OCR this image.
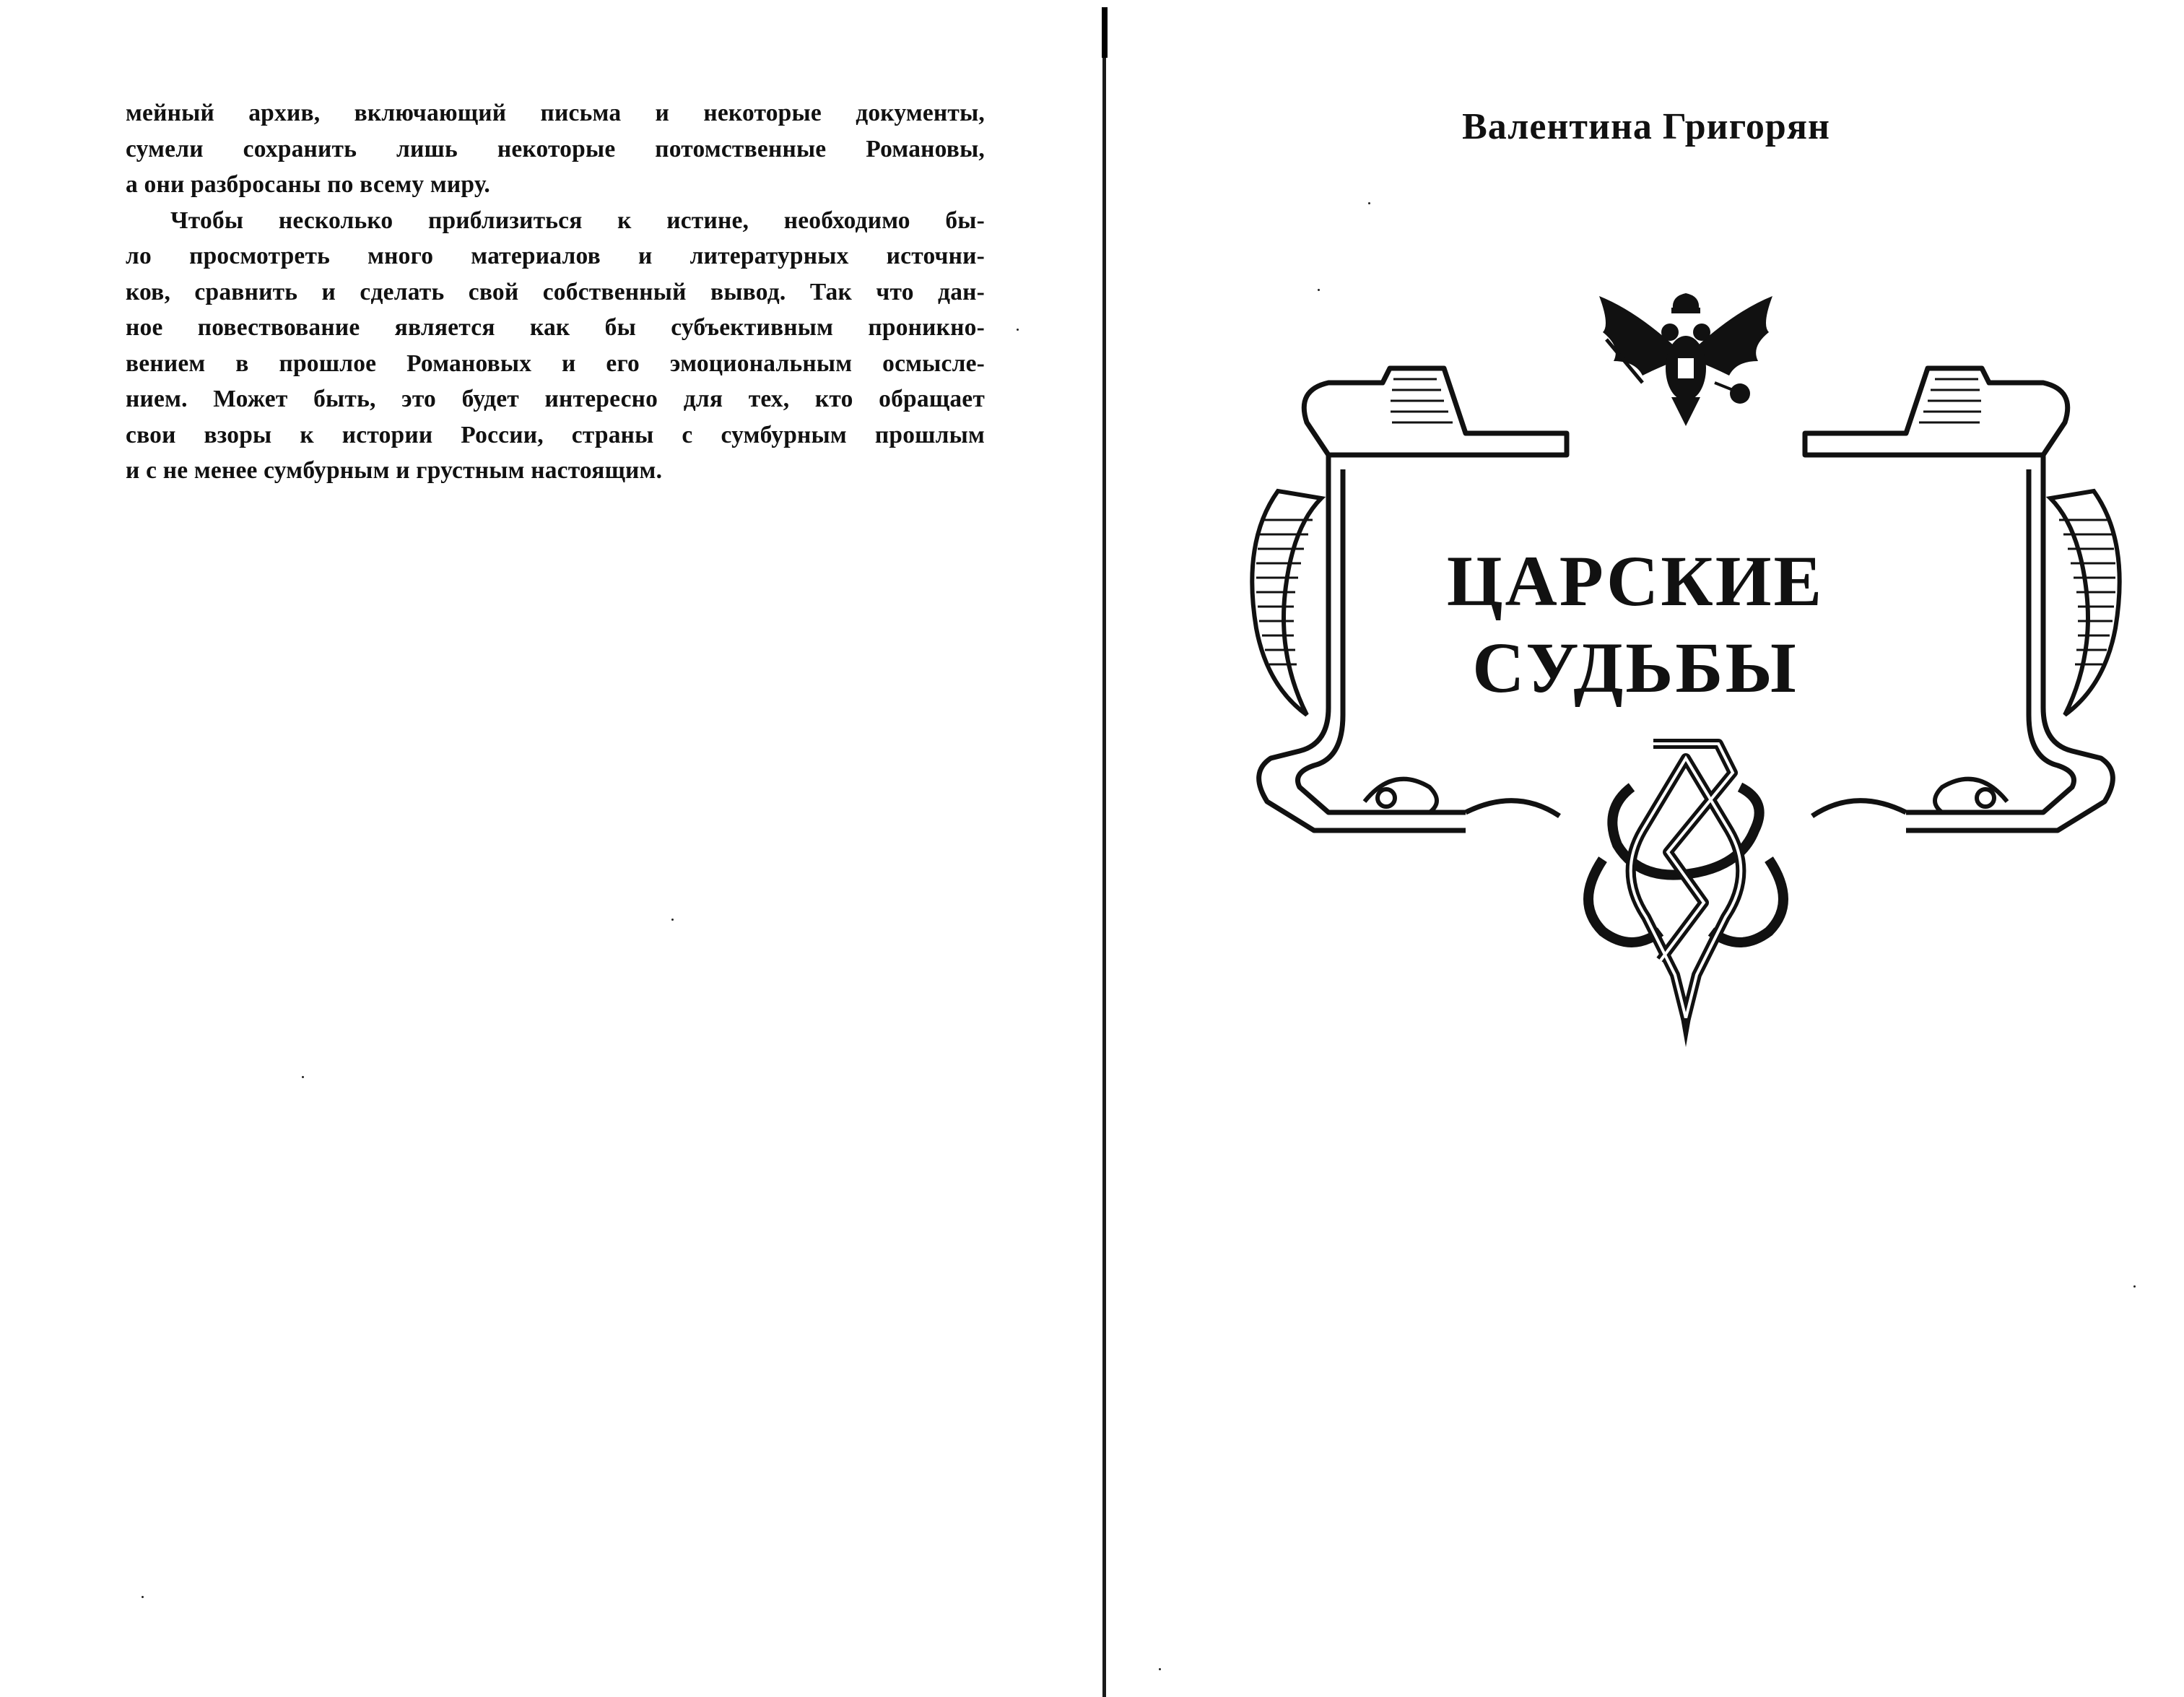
мейный архив, включающий письма и некоторые документы,
сумели сохранить лишь некоторые потомственные Романовы,
а они разбросаны по всему миру.
Чтобы несколько приблизиться к истине, необходимо бы-
ло просмотреть много материалов и литературных источни-
ков, сравнить и сделать свой собственный вывод. Так что дан-
ное повествование является как бы субъективным проникно-
вением в прошлое Романовых и его эмоциональным осмысле-
нием. Может быть, это будет интересно для тех, кто обращает
свои взоры к истории России, страны с сумбурным прошлым
и с не менее сумбурным и грустным настоящим.
Валентина Григорян
ЦАРСКИЕ
СУДЬБЫ
